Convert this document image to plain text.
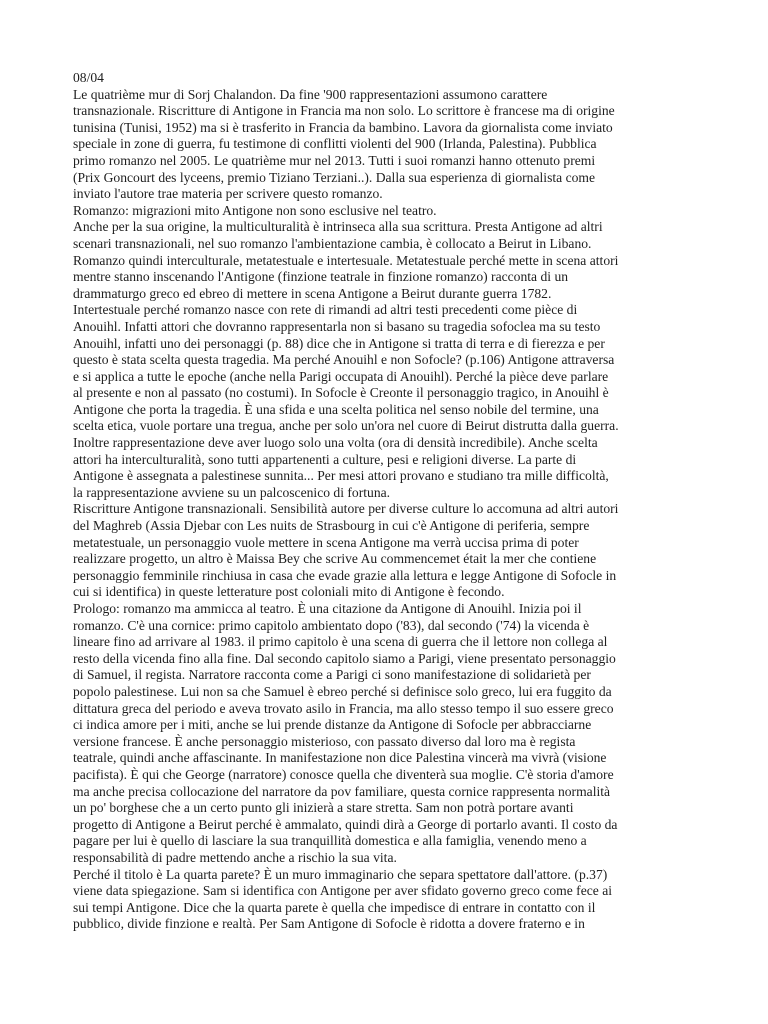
08/04
Le quatrième mur di Sorj Chalandon. Da fine '900 rappresentazioni assumono carattere
transnazionale. Riscritture di Antigone in Francia ma non solo. Lo scrittore è francese ma di origine
tunisina (Tunisi, 1952) ma si è trasferito in Francia da bambino. Lavora da giornalista come inviato
speciale in zone di guerra, fu testimone di conflitti violenti del 900 (Irlanda, Palestina). Pubblica
primo romanzo nel 2005. Le quatrième mur nel 2013. Tutti i suoi romanzi hanno ottenuto premi
(Prix Goncourt des lyceens, premio Tiziano Terziani..). Dalla sua esperienza di giornalista come
inviato l'autore trae materia per scrivere questo romanzo.
Romanzo: migrazioni mito Antigone non sono esclusive nel teatro.
Anche per la sua origine, la multiculturalità è intrinseca alla sua scrittura. Presta Antigone ad altri
scenari transnazionali, nel suo romanzo l'ambientazione cambia, è collocato a Beirut in Libano.
Romanzo quindi interculturale, metatestuale e intertesuale. Metatestuale perché mette in scena attori
mentre stanno inscenando l'Antigone (finzione teatrale in finzione romanzo) racconta di un
drammaturgo greco ed ebreo di mettere in scena Antigone a Beirut durante guerra 1782.
Intertestuale perché romanzo nasce con rete di rimandi ad altri testi precedenti come pièce di
Anouihl. Infatti attori che dovranno rappresentarla non si basano su tragedia sofoclea ma su testo
Anouihl, infatti uno dei personaggi (p. 88) dice che in Antigone si tratta di terra e di fierezza e per
questo è stata scelta questa tragedia. Ma perché Anouihl e non Sofocle? (p.106) Antigone attraversa
e si applica a tutte le epoche (anche nella Parigi occupata di Anouihl). Perché la pièce deve parlare
al presente e non al passato (no costumi). In Sofocle è Creonte il personaggio tragico, in Anouihl è
Antigone che porta la tragedia. È una sfida e una scelta politica nel senso nobile del termine, una
scelta etica, vuole portare una tregua, anche per solo un'ora nel cuore di Beirut distrutta dalla guerra.
Inoltre rappresentazione deve aver luogo solo una volta (ora di densità incredibile). Anche scelta
attori ha interculturalità, sono tutti appartenenti a culture, pesi e religioni diverse. La parte di
Antigone è assegnata a palestinese sunnita... Per mesi attori provano e studiano tra mille difficoltà,
la rappresentazione avviene su un palcoscenico di fortuna.
Riscritture Antigone transnazionali. Sensibilità autore per diverse culture lo accomuna ad altri autori
del Maghreb (Assia Djebar con Les nuits de Strasbourg in cui c'è Antigone di periferia, sempre
metatestuale, un personaggio vuole mettere in scena Antigone ma verrà uccisa prima di poter
realizzare progetto, un altro è Maissa Bey che scrive Au commencemet était la mer che contiene
personaggio femminile rinchiusa in casa che evade grazie alla lettura e legge Antigone di Sofocle in
cui si identifica) in queste letterature post coloniali mito di Antigone è fecondo.
Prologo: romanzo ma ammicca al teatro. È una citazione da Antigone di Anouihl. Inizia poi il
romanzo. C'è una cornice: primo capitolo ambientato dopo ('83), dal secondo ('74) la vicenda è
lineare fino ad arrivare al 1983. il primo capitolo è una scena di guerra che il lettore non collega al
resto della vicenda fino alla fine. Dal secondo capitolo siamo a Parigi, viene presentato personaggio
di Samuel, il regista. Narratore racconta come a Parigi ci sono manifestazione di solidarietà per
popolo palestinese. Lui non sa che Samuel è ebreo perché si definisce solo greco, lui era fuggito da
dittatura greca del periodo e aveva trovato asilo in Francia, ma allo stesso tempo il suo essere greco
ci indica amore per i miti, anche se lui prende distanze da Antigone di Sofocle per abbracciarne
versione francese. È anche personaggio misterioso, con passato diverso dal loro ma è regista
teatrale, quindi anche affascinante. In manifestazione non dice Palestina vincerà ma vivrà (visione
pacifista). È qui che George (narratore) conosce quella che diventerà sua moglie. C'è storia d'amore
ma anche precisa collocazione del narratore da pov familiare, questa cornice rappresenta normalità
un po' borghese che a un certo punto gli inizierà a stare stretta. Sam non potrà portare avanti
progetto di Antigone a Beirut perché è ammalato, quindi dirà a George di portarlo avanti. Il costo da
pagare per lui è quello di lasciare la sua tranquillità domestica e alla famiglia, venendo meno a
responsabilità di padre mettendo anche a rischio la sua vita.
Perché il titolo è La quarta parete? È un muro immaginario che separa spettatore dall'attore. (p.37)
viene data spiegazione. Sam si identifica con Antigone per aver sfidato governo greco come fece ai
sui tempi Antigone. Dice che la quarta parete è quella che impedisce di entrare in contatto con il
pubblico, divide finzione e realtà. Per Sam Antigone di Sofocle è ridotta a dovere fraterno e in
